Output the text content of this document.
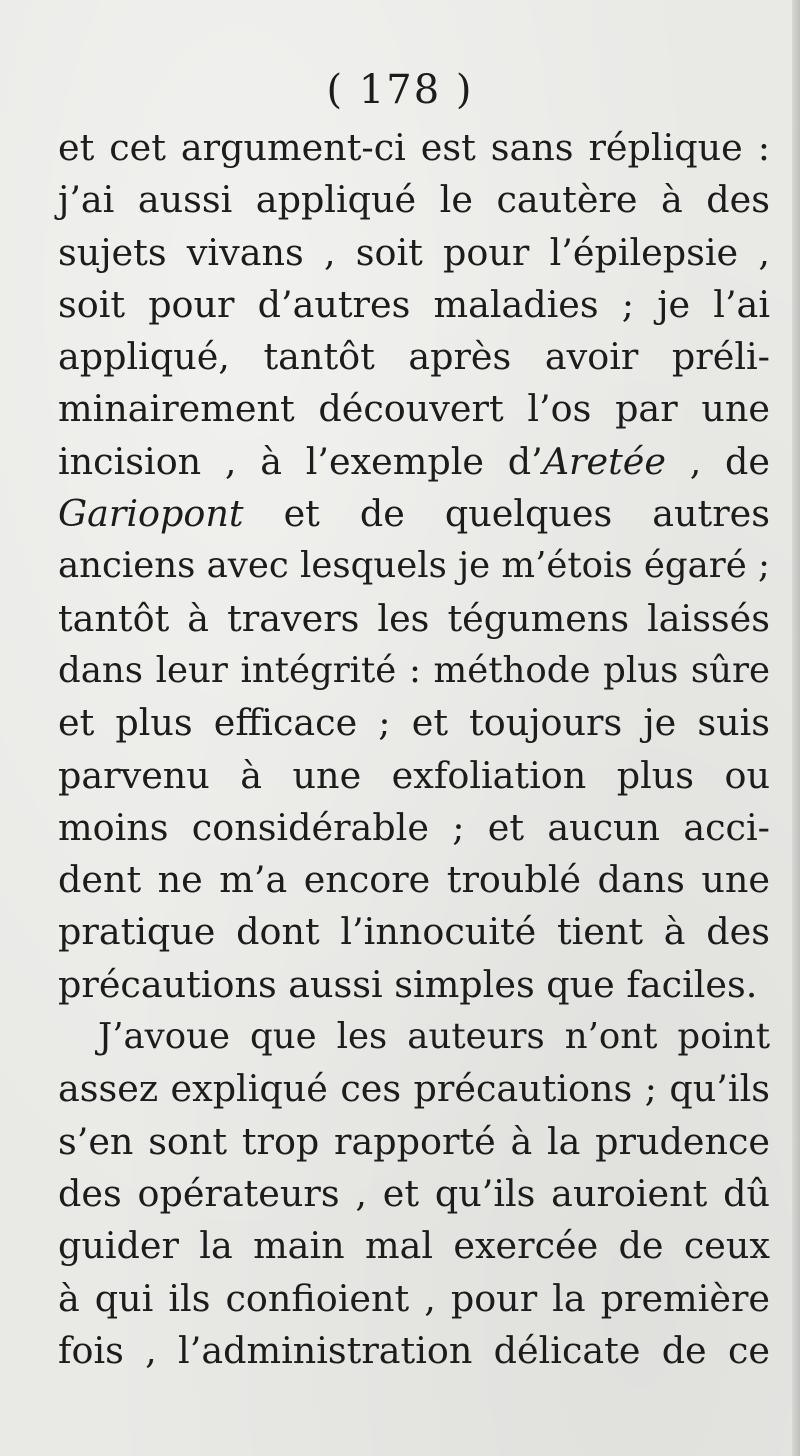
( 178 )
et cet argument-ci est sans réplique :
j’ai aussi appliqué le cautère à des
sujets vivans , soit pour l’épilepsie ,
soit pour d’autres maladies ; je l’ai
appliqué, tantôt après avoir préli-
minairement découvert l’os par une
incision , à l’exemple d’Aretée , de
Gariopont et de quelques autres
anciens avec lesquels je m’étois égaré ;
tantôt à travers les tégumens laissés
dans leur intégrité : méthode plus sûre
et plus efficace ; et toujours je suis
parvenu à une exfoliation plus ou
moins considérable ; et aucun acci-
dent ne m’a encore troublé dans une
pratique dont l’innocuité tient à des
précautions aussi simples que faciles.
J’avoue que les auteurs n’ont point
assez expliqué ces précautions ; qu’ils
s’en sont trop rapporté à la prudence
des opérateurs , et qu’ils auroient dû
guider la main mal exercée de ceux
à qui ils confioient , pour la première
fois , l’administration délicate de ce
